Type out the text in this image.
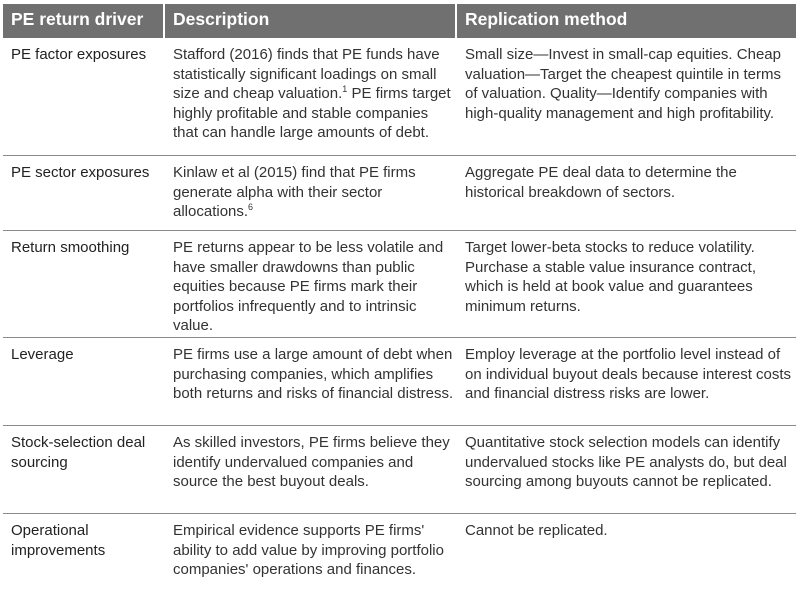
PE return driver	Description	Replication method
PE factor exposures	Stafford (2016) finds that PE funds have statistically significant loadings on small size and cheap valuation.$^1$ PE firms target highly profitable and stable companies that can handle large amounts of debt.	Small size—Invest in small-cap equities. Cheap valuation—Target the cheapest quintile in terms of valuation. Quality—Identify companies with high-quality management and high profitability.
PE sector exposures	Kinlaw et al (2015) find that PE firms generate alpha with their sector allocations.$^6$	Aggregate PE deal data to determine the historical breakdown of sectors.
Return smoothing	PE returns appear to be less volatile and have smaller drawdowns than public equities because PE firms mark their portfolios infrequently and to intrinsic value.	Target lower-beta stocks to reduce volatility. Purchase a stable value insurance contract, which is held at book value and guarantees minimum returns.
Leverage	PE firms use a large amount of debt when purchasing companies, which amplifies both returns and risks of financial distress.	Employ leverage at the portfolio level instead of on individual buyout deals because interest costs and financial distress risks are lower.
Stock-selection deal sourcing	As skilled investors, PE firms believe they identify undervalued companies and source the best buyout deals.	Quantitative stock selection models can identify undervalued stocks like PE analysts do, but deal sourcing among buyouts cannot be replicated.
Operational improvements	Empirical evidence supports PE firms' ability to add value by improving portfolio companies' operations and finances.	Cannot be replicated.
